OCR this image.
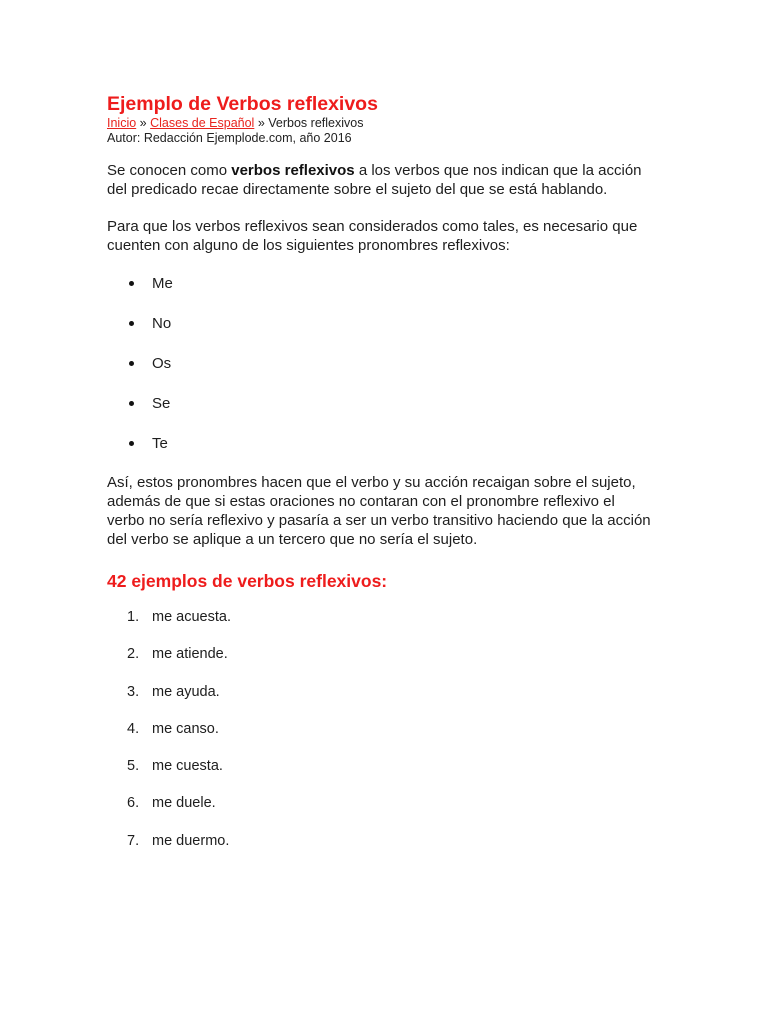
Ejemplo de Verbos reflexivos

Inicio » Clases de Español » Verbos reflexivos

Autor: Redacción Ejemplode.com, año 2016

Se conocen como verbos reflexivos a los verbos que nos indican que la acción del predicado recae directamente sobre el sujeto del que se está hablando.

Para que los verbos reflexivos sean considerados como tales, es necesario que cuenten con alguno de los siguientes pronombres reflexivos:

Me
No
Os
Se
Te

Así, estos pronombres hacen que el verbo y su acción recaigan sobre el sujeto, además de que si estas oraciones no contaran con el pronombre reflexivo el verbo no sería reflexivo y pasaría a ser un verbo transitivo haciendo que la acción del verbo se aplique a un tercero que no sería el sujeto.

42 ejemplos de verbos reflexivos:
1. me acuesta.
2. me atiende.
3. me ayuda.
4. me canso.
5. me cuesta.
6. me duele.
7. me duermo.
